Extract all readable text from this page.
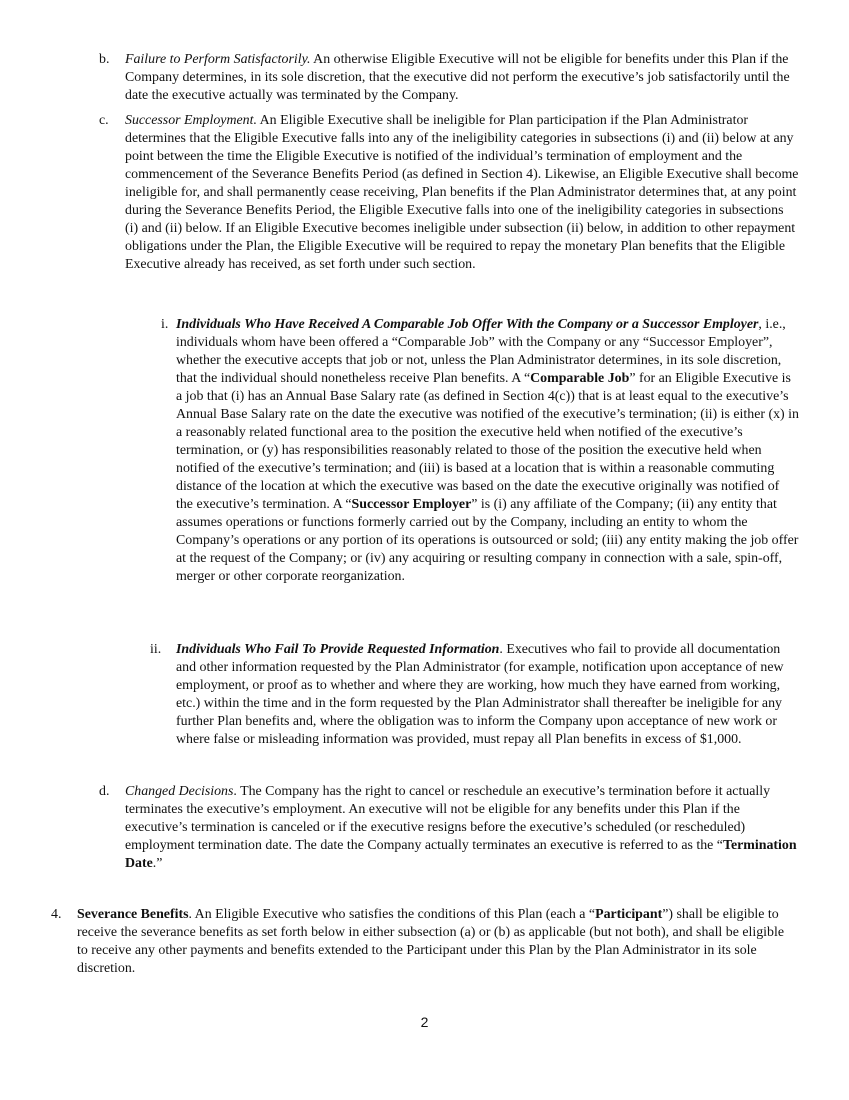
b. Failure to Perform Satisfactorily. An otherwise Eligible Executive will not be eligible for benefits under this Plan if the Company determines, in its sole discretion, that the executive did not perform the executive’s job satisfactorily until the date the executive actually was terminated by the Company.

c. Successor Employment. An Eligible Executive shall be ineligible for Plan participation if the Plan Administrator determines that the Eligible Executive falls into any of the ineligibility categories in subsections (i) and (ii) below at any point between the time the Eligible Executive is notified of the individual’s termination of employment and the commencement of the Severance Benefits Period (as defined in Section 4). Likewise, an Eligible Executive shall become ineligible for, and shall permanently cease receiving, Plan benefits if the Plan Administrator determines that, at any point during the Severance Benefits Period, the Eligible Executive falls into one of the ineligibility categories in subsections (i) and (ii) below. If an Eligible Executive becomes ineligible under subsection (ii) below, in addition to other repayment obligations under the Plan, the Eligible Executive will be required to repay the monetary Plan benefits that the Eligible Executive already has received, as set forth under such section.

i. Individuals Who Have Received A Comparable Job Offer With the Company or a Successor Employer, i.e., individuals whom have been offered a “Comparable Job” with the Company or any “Successor Employer”, whether the executive accepts that job or not, unless the Plan Administrator determines, in its sole discretion, that the individual should nonetheless receive Plan benefits. A “Comparable Job” for an Eligible Executive is a job that (i) has an Annual Base Salary rate (as defined in Section 4(c)) that is at least equal to the executive’s Annual Base Salary rate on the date the executive was notified of the executive’s termination; (ii) is either (x) in a reasonably related functional area to the position the executive held when notified of the executive’s termination, or (y) has responsibilities reasonably related to those of the position the executive held when notified of the executive’s termination; and (iii) is based at a location that is within a reasonable commuting distance of the location at which the executive was based on the date the executive originally was notified of the executive’s termination. A “Successor Employer” is (i) any affiliate of the Company; (ii) any entity that assumes operations or functions formerly carried out by the Company, including an entity to whom the Company’s operations or any portion of its operations is outsourced or sold; (iii) any entity making the job offer at the request of the Company; or (iv) any acquiring or resulting company in connection with a sale, spin-off, merger or other corporate reorganization.

ii. Individuals Who Fail To Provide Requested Information. Executives who fail to provide all documentation and other information requested by the Plan Administrator (for example, notification upon acceptance of new employment, or proof as to whether and where they are working, how much they have earned from working, etc.) within the time and in the form requested by the Plan Administrator shall thereafter be ineligible for any further Plan benefits and, where the obligation was to inform the Company upon acceptance of new work or where false or misleading information was provided, must repay all Plan benefits in excess of $1,000.

d. Changed Decisions. The Company has the right to cancel or reschedule an executive’s termination before it actually terminates the executive’s employment. An executive will not be eligible for any benefits under this Plan if the executive’s termination is canceled or if the executive resigns before the executive’s scheduled (or rescheduled) employment termination date. The date the Company actually terminates an executive is referred to as the “Termination Date.”

4. Severance Benefits. An Eligible Executive who satisfies the conditions of this Plan (each a “Participant”) shall be eligible to receive the severance benefits as set forth below in either subsection (a) or (b) as applicable (but not both), and shall be eligible to receive any other payments and benefits extended to the Participant under this Plan by the Plan Administrator in its sole discretion.

2
